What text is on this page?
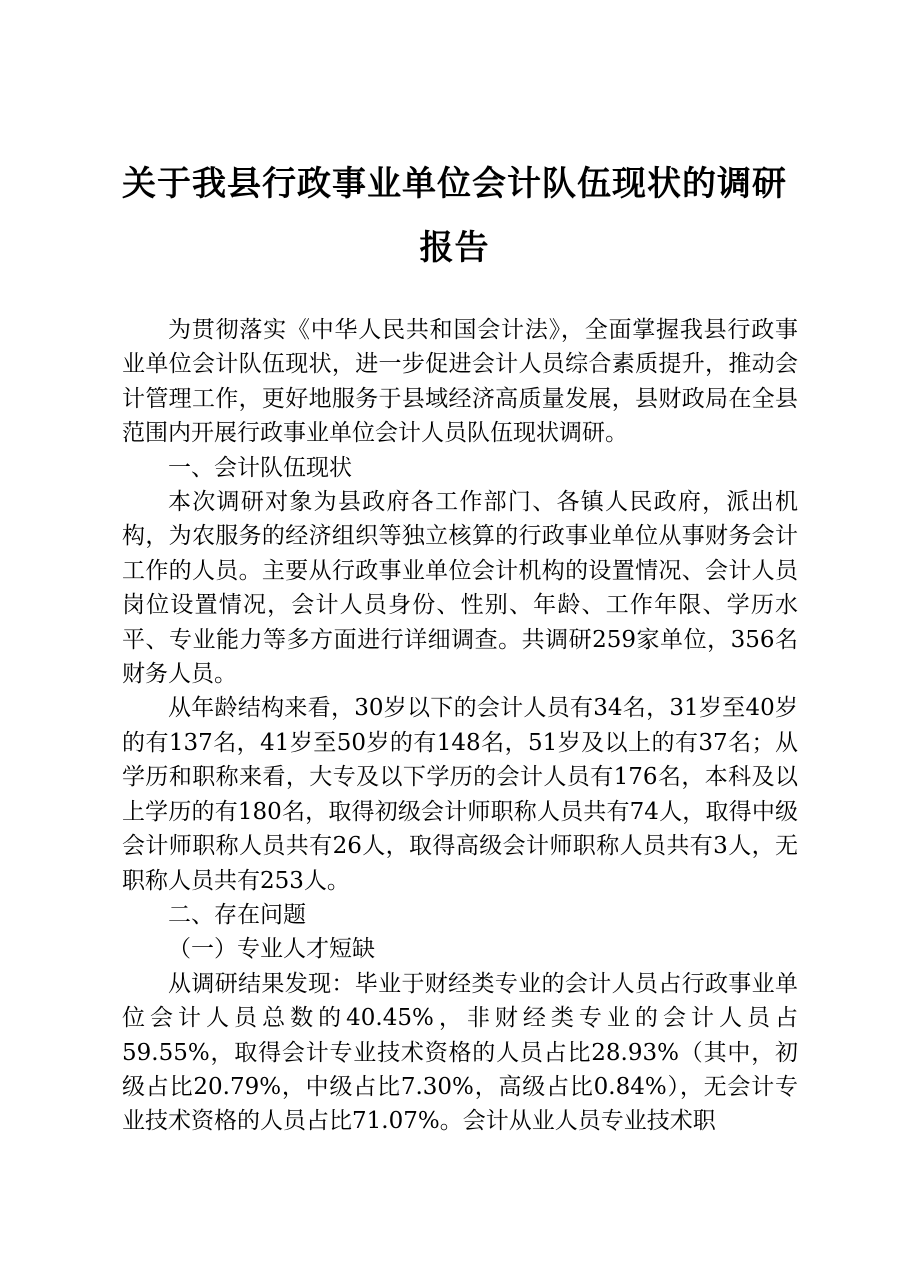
关于我县行政事业单位会计队伍现状的调研报告

为贯彻落实《中华人民共和国会计法》，全面掌握我县行政事业单位会计队伍现状，进一步促进会计人员综合素质提升，推动会计管理工作，更好地服务于县域经济高质量发展，县财政局在全县范围内开展行政事业单位会计人员队伍现状调研。

一、会计队伍现状

本次调研对象为县政府各工作部门、各镇人民政府，派出机构，为农服务的经济组织等独立核算的行政事业单位从事财务会计工作的人员。主要从行政事业单位会计机构的设置情况、会计人员岗位设置情况，会计人员身份、性别、年龄、工作年限、学历水平、专业能力等多方面进行详细调查。共调研259家单位，356名财务人员。

从年龄结构来看，30岁以下的会计人员有34名，31岁至40岁的有137名，41岁至50岁的有148名，51岁及以上的有37名；从学历和职称来看，大专及以下学历的会计人员有176名，本科及以上学历的有180名，取得初级会计师职称人员共有74人，取得中级会计师职称人员共有26人，取得高级会计师职称人员共有3人，无职称人员共有253人。

二、存在问题
（一）专业人才短缺

从调研结果发现：毕业于财经类专业的会计人员占行政事业单位会计人员总数的40.45%，非财经类专业的会计人员占59.55%，取得会计专业技术资格的人员占比28.93%（其中，初级占比20.79%，中级占比7.30%，高级占比0.84%），无会计专业技术资格的人员占比71.07%。会计从业人员专业技术职
